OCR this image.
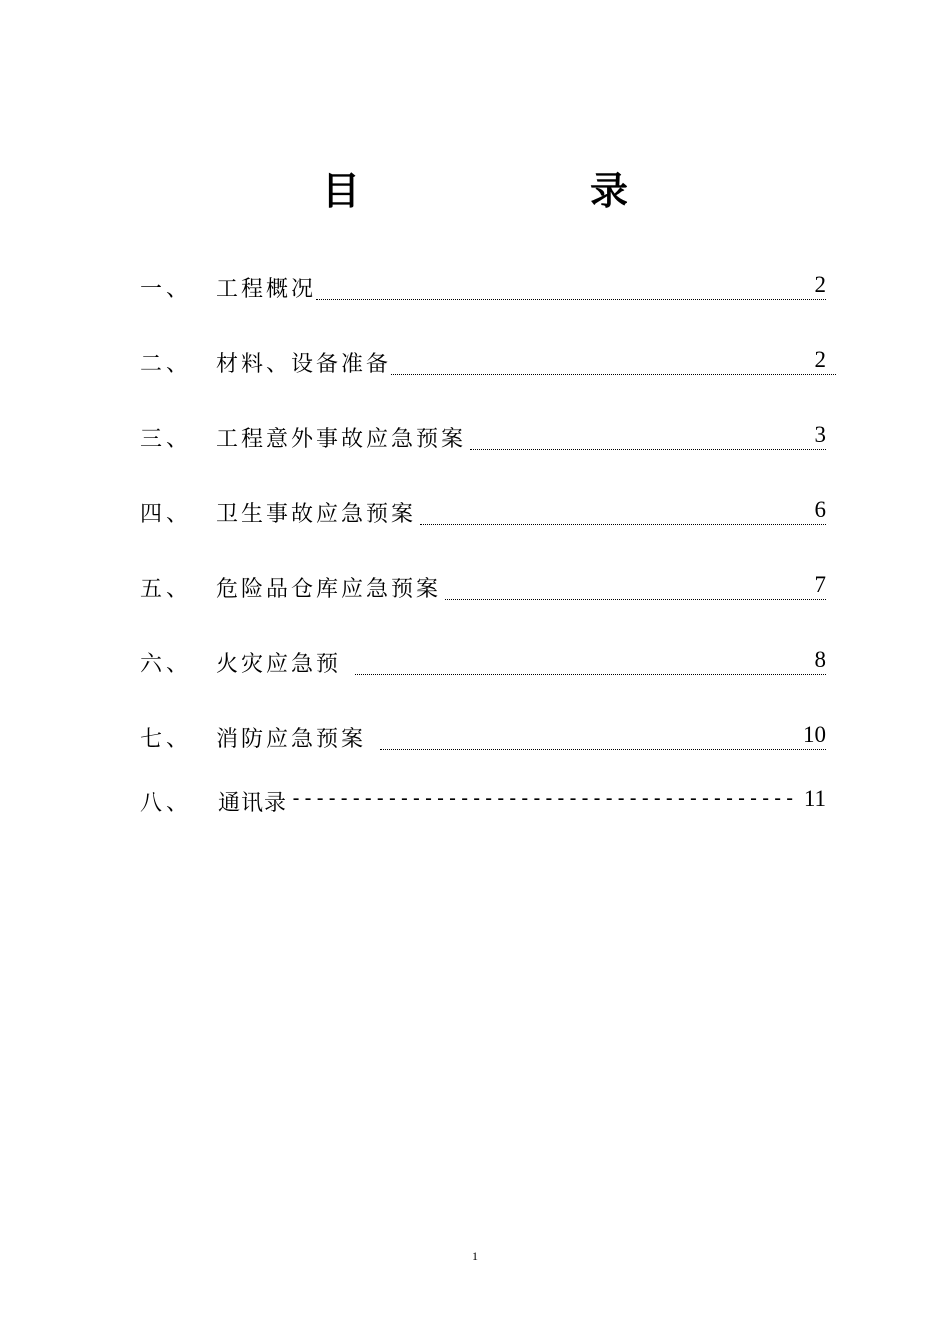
目	录
一、 工程概况	2
二、 材料、设备准备	2
三、 工程意外事故应急预案	3
四、 卫生事故应急预案	6
五、 危险品仓库应急预案	7
六、 火灾应急预	8
七、 消防应急预案	10
八、 通讯录 ------------------------------------------ 11
1
